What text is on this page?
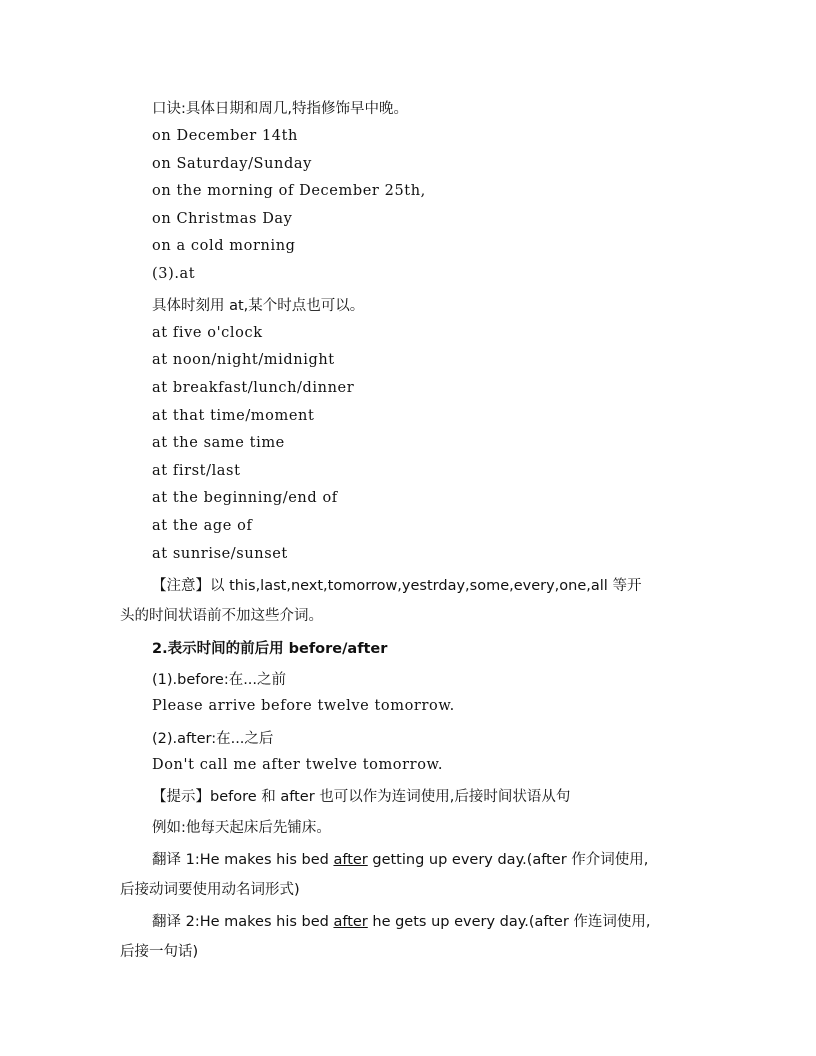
口诀:具体日期和周几,特指修饰早中晚。
on December 14th
on Saturday/Sunday
on the morning of December 25th,
on Christmas Day
on a cold morning
(3).at
具体时刻用 at,某个时点也可以。
at five o'clock
at noon/night/midnight
at breakfast/lunch/dinner
at that time/moment
at the same time
at first/last
at the beginning/end of
at the age of
at sunrise/sunset
【注意】以 this,last,next,tomorrow,yestrday,some,every,one,all 等开
头的时间状语前不加这些介词。
2.表示时间的前后用 before/after
(1).before:在...之前
Please arrive before twelve tomorrow.
(2).after:在...之后
Don't call me after twelve tomorrow.
【提示】before 和 after 也可以作为连词使用,后接时间状语从句
例如:他每天起床后先铺床。
翻译 1:He makes his bed after getting up every day.(after 作介词使用,
后接动词要使用动名词形式)
翻译 2:He makes his bed after he gets up every day.(after 作连词使用,
后接一句话)
